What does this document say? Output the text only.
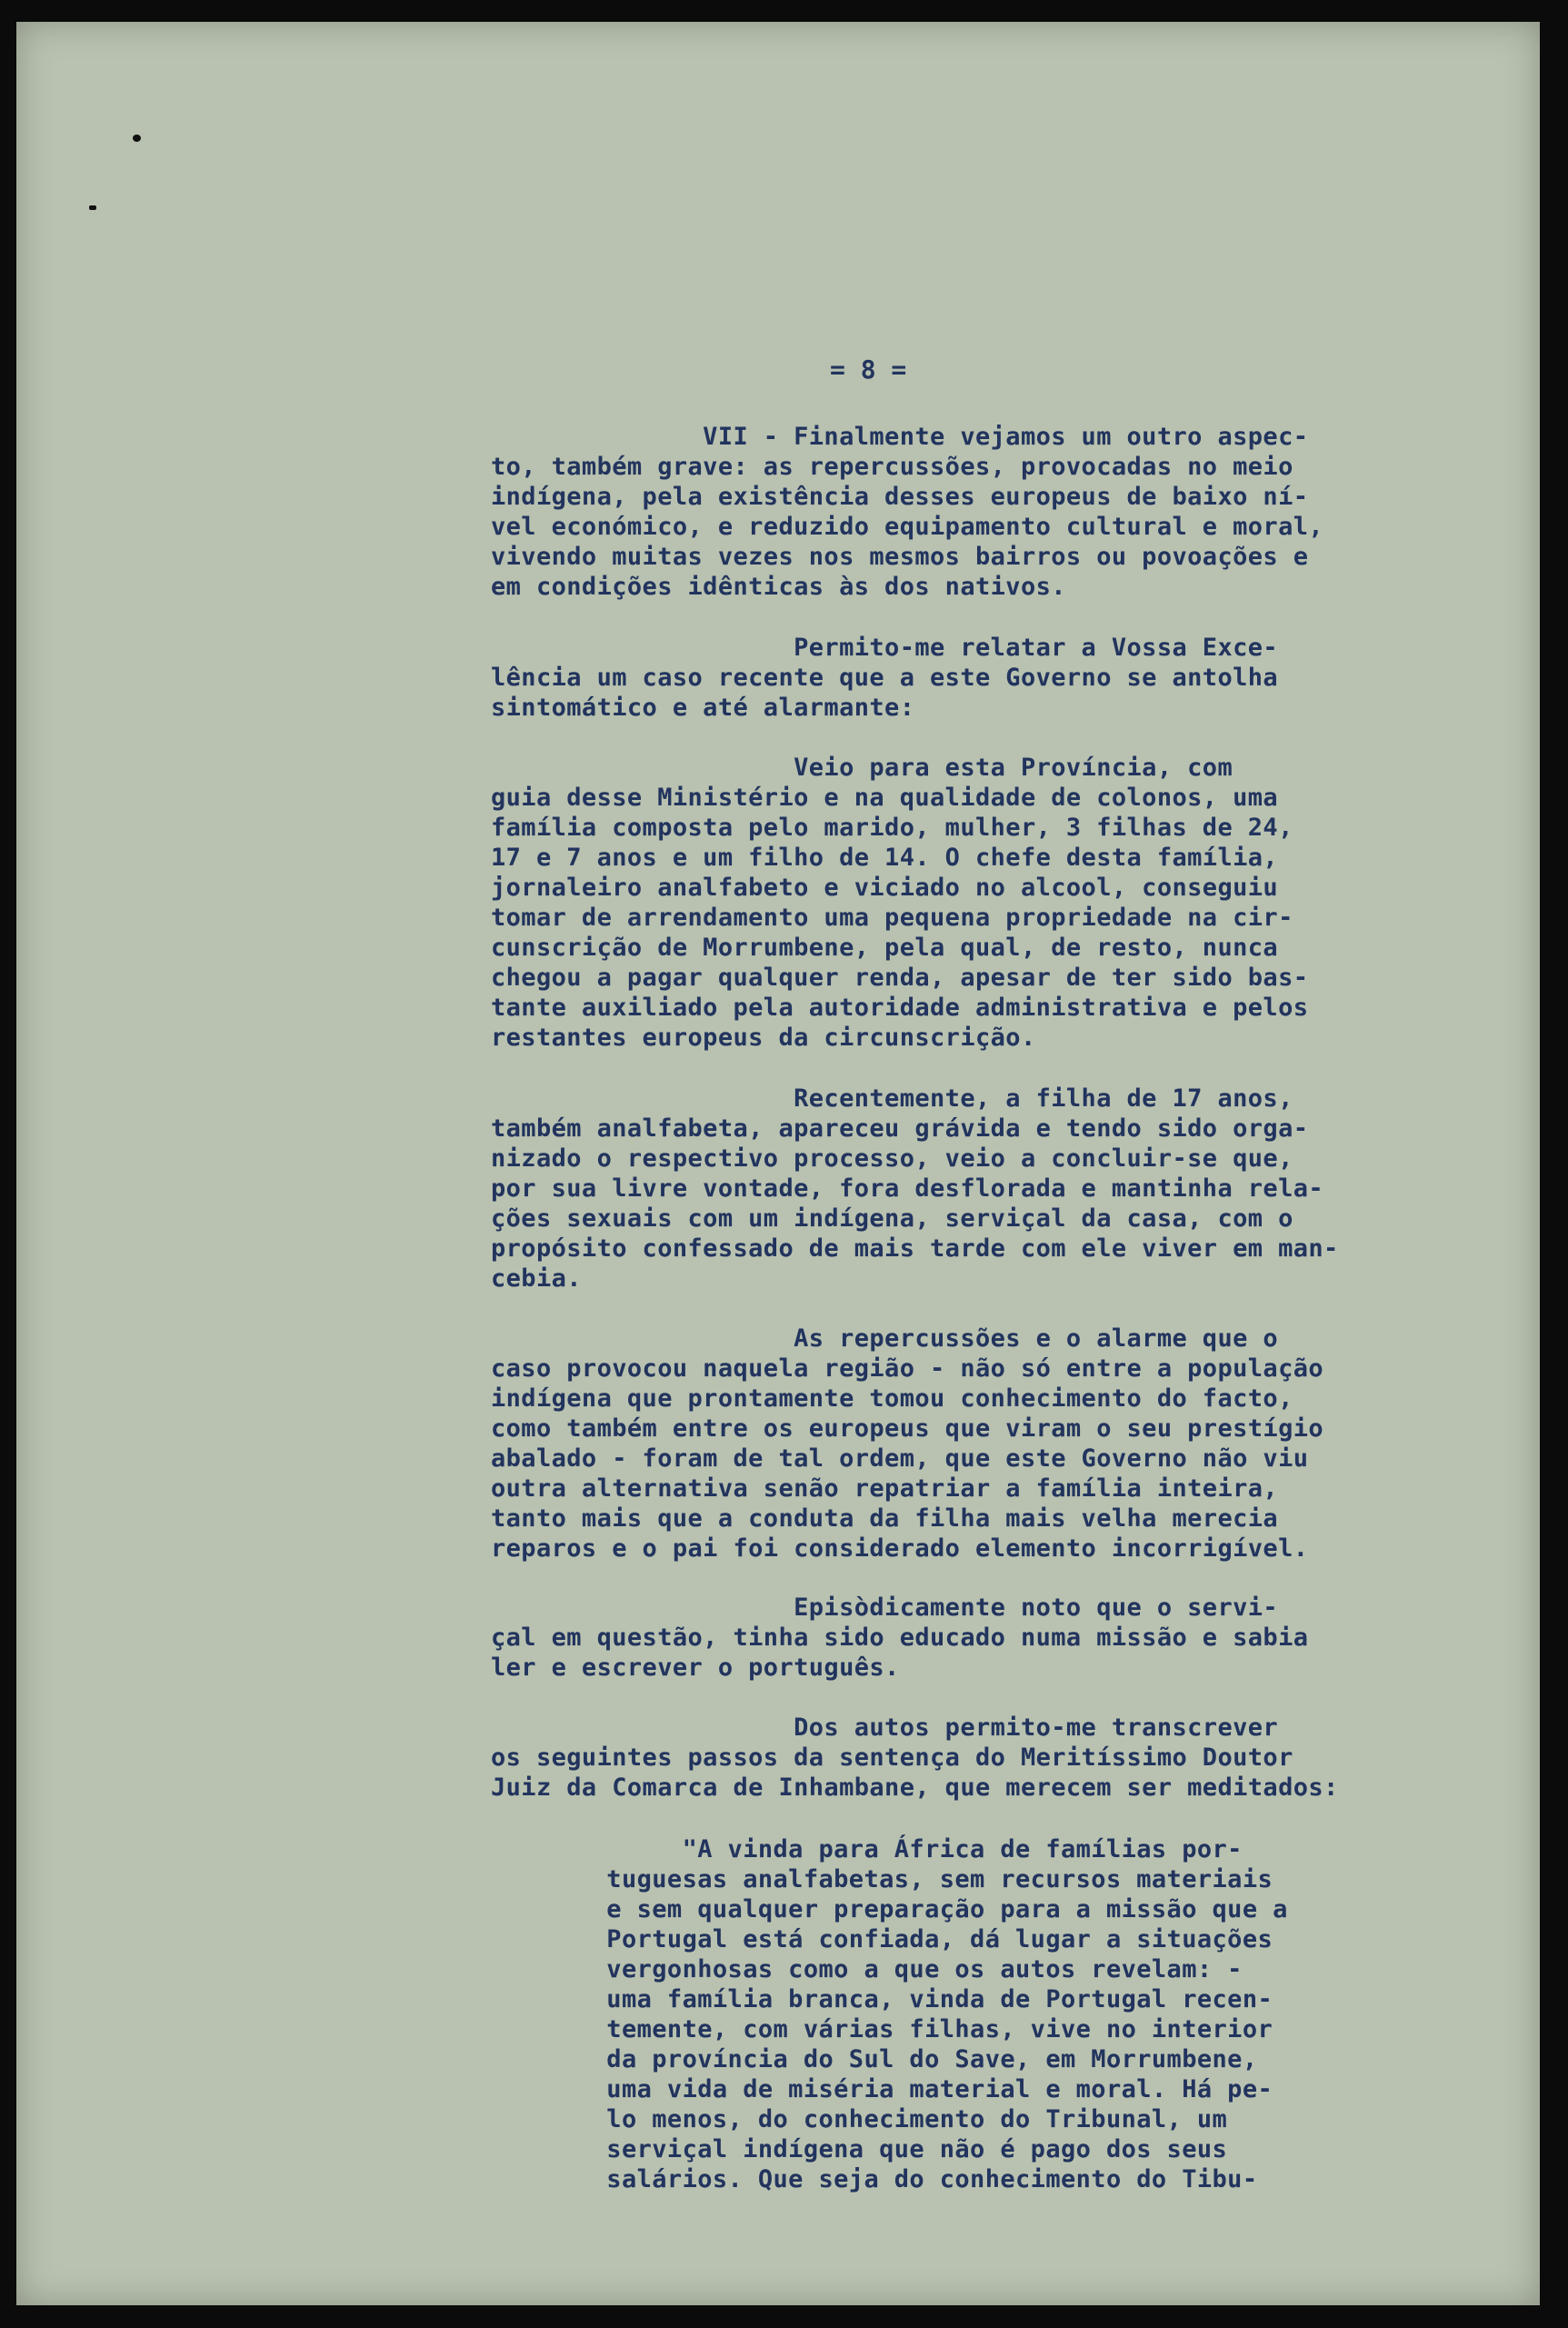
= 8 =
VII - Finalmente vejamos um outro aspec-
to, também grave: as repercussões, provocadas no meio
indígena, pela existência desses europeus de baixo ní-
vel económico, e reduzido equipamento cultural e moral,
vivendo muitas vezes nos mesmos bairros ou povoações e
em condições idênticas às dos nativos.
Permito-me relatar a Vossa Exce-
lência um caso recente que a este Governo se antolha
sintomático e até alarmante:
Veio para esta Província, com
guia desse Ministério e na qualidade de colonos, uma
família composta pelo marido, mulher, 3 filhas de 24,
17 e 7 anos e um filho de 14. O chefe desta família,
jornaleiro analfabeto e viciado no alcool, conseguiu
tomar de arrendamento uma pequena propriedade na cir-
cunscrição de Morrumbene, pela qual, de resto, nunca
chegou a pagar qualquer renda, apesar de ter sido bas-
tante auxiliado pela autoridade administrativa e pelos
restantes europeus da circunscrição.
Recentemente, a filha de 17 anos,
também analfabeta, apareceu grávida e tendo sido orga-
nizado o respectivo processo, veio a concluir-se que,
por sua livre vontade, fora desflorada e mantinha rela-
ções sexuais com um indígena, serviçal da casa, com o
propósito confessado de mais tarde com ele viver em man-
cebia.
As repercussões e o alarme que o
caso provocou naquela região - não só entre a população
indígena que prontamente tomou conhecimento do facto,
como também entre os europeus que viram o seu prestígio
abalado - foram de tal ordem, que este Governo não viu
outra alternativa senão repatriar a família inteira,
tanto mais que a conduta da filha mais velha merecia
reparos e o pai foi considerado elemento incorrigível.
Episòdicamente noto que o servi-
çal em questão, tinha sido educado numa missão e sabia
ler e escrever o português.
Dos autos permito-me transcrever
os seguintes passos da sentença do Meritíssimo Doutor
Juiz da Comarca de Inhambane, que merecem ser meditados:
"A vinda para África de famílias por-
tuguesas analfabetas, sem recursos materiais
e sem qualquer preparação para a missão que a
Portugal está confiada, dá lugar a situações
vergonhosas como a que os autos revelam: -
uma família branca, vinda de Portugal recen-
temente, com várias filhas, vive no interior
da província do Sul do Save, em Morrumbene,
uma vida de miséria material e moral. Há pe-
lo menos, do conhecimento do Tribunal, um
serviçal indígena que não é pago dos seus
salários. Que seja do conhecimento do Tibu-
